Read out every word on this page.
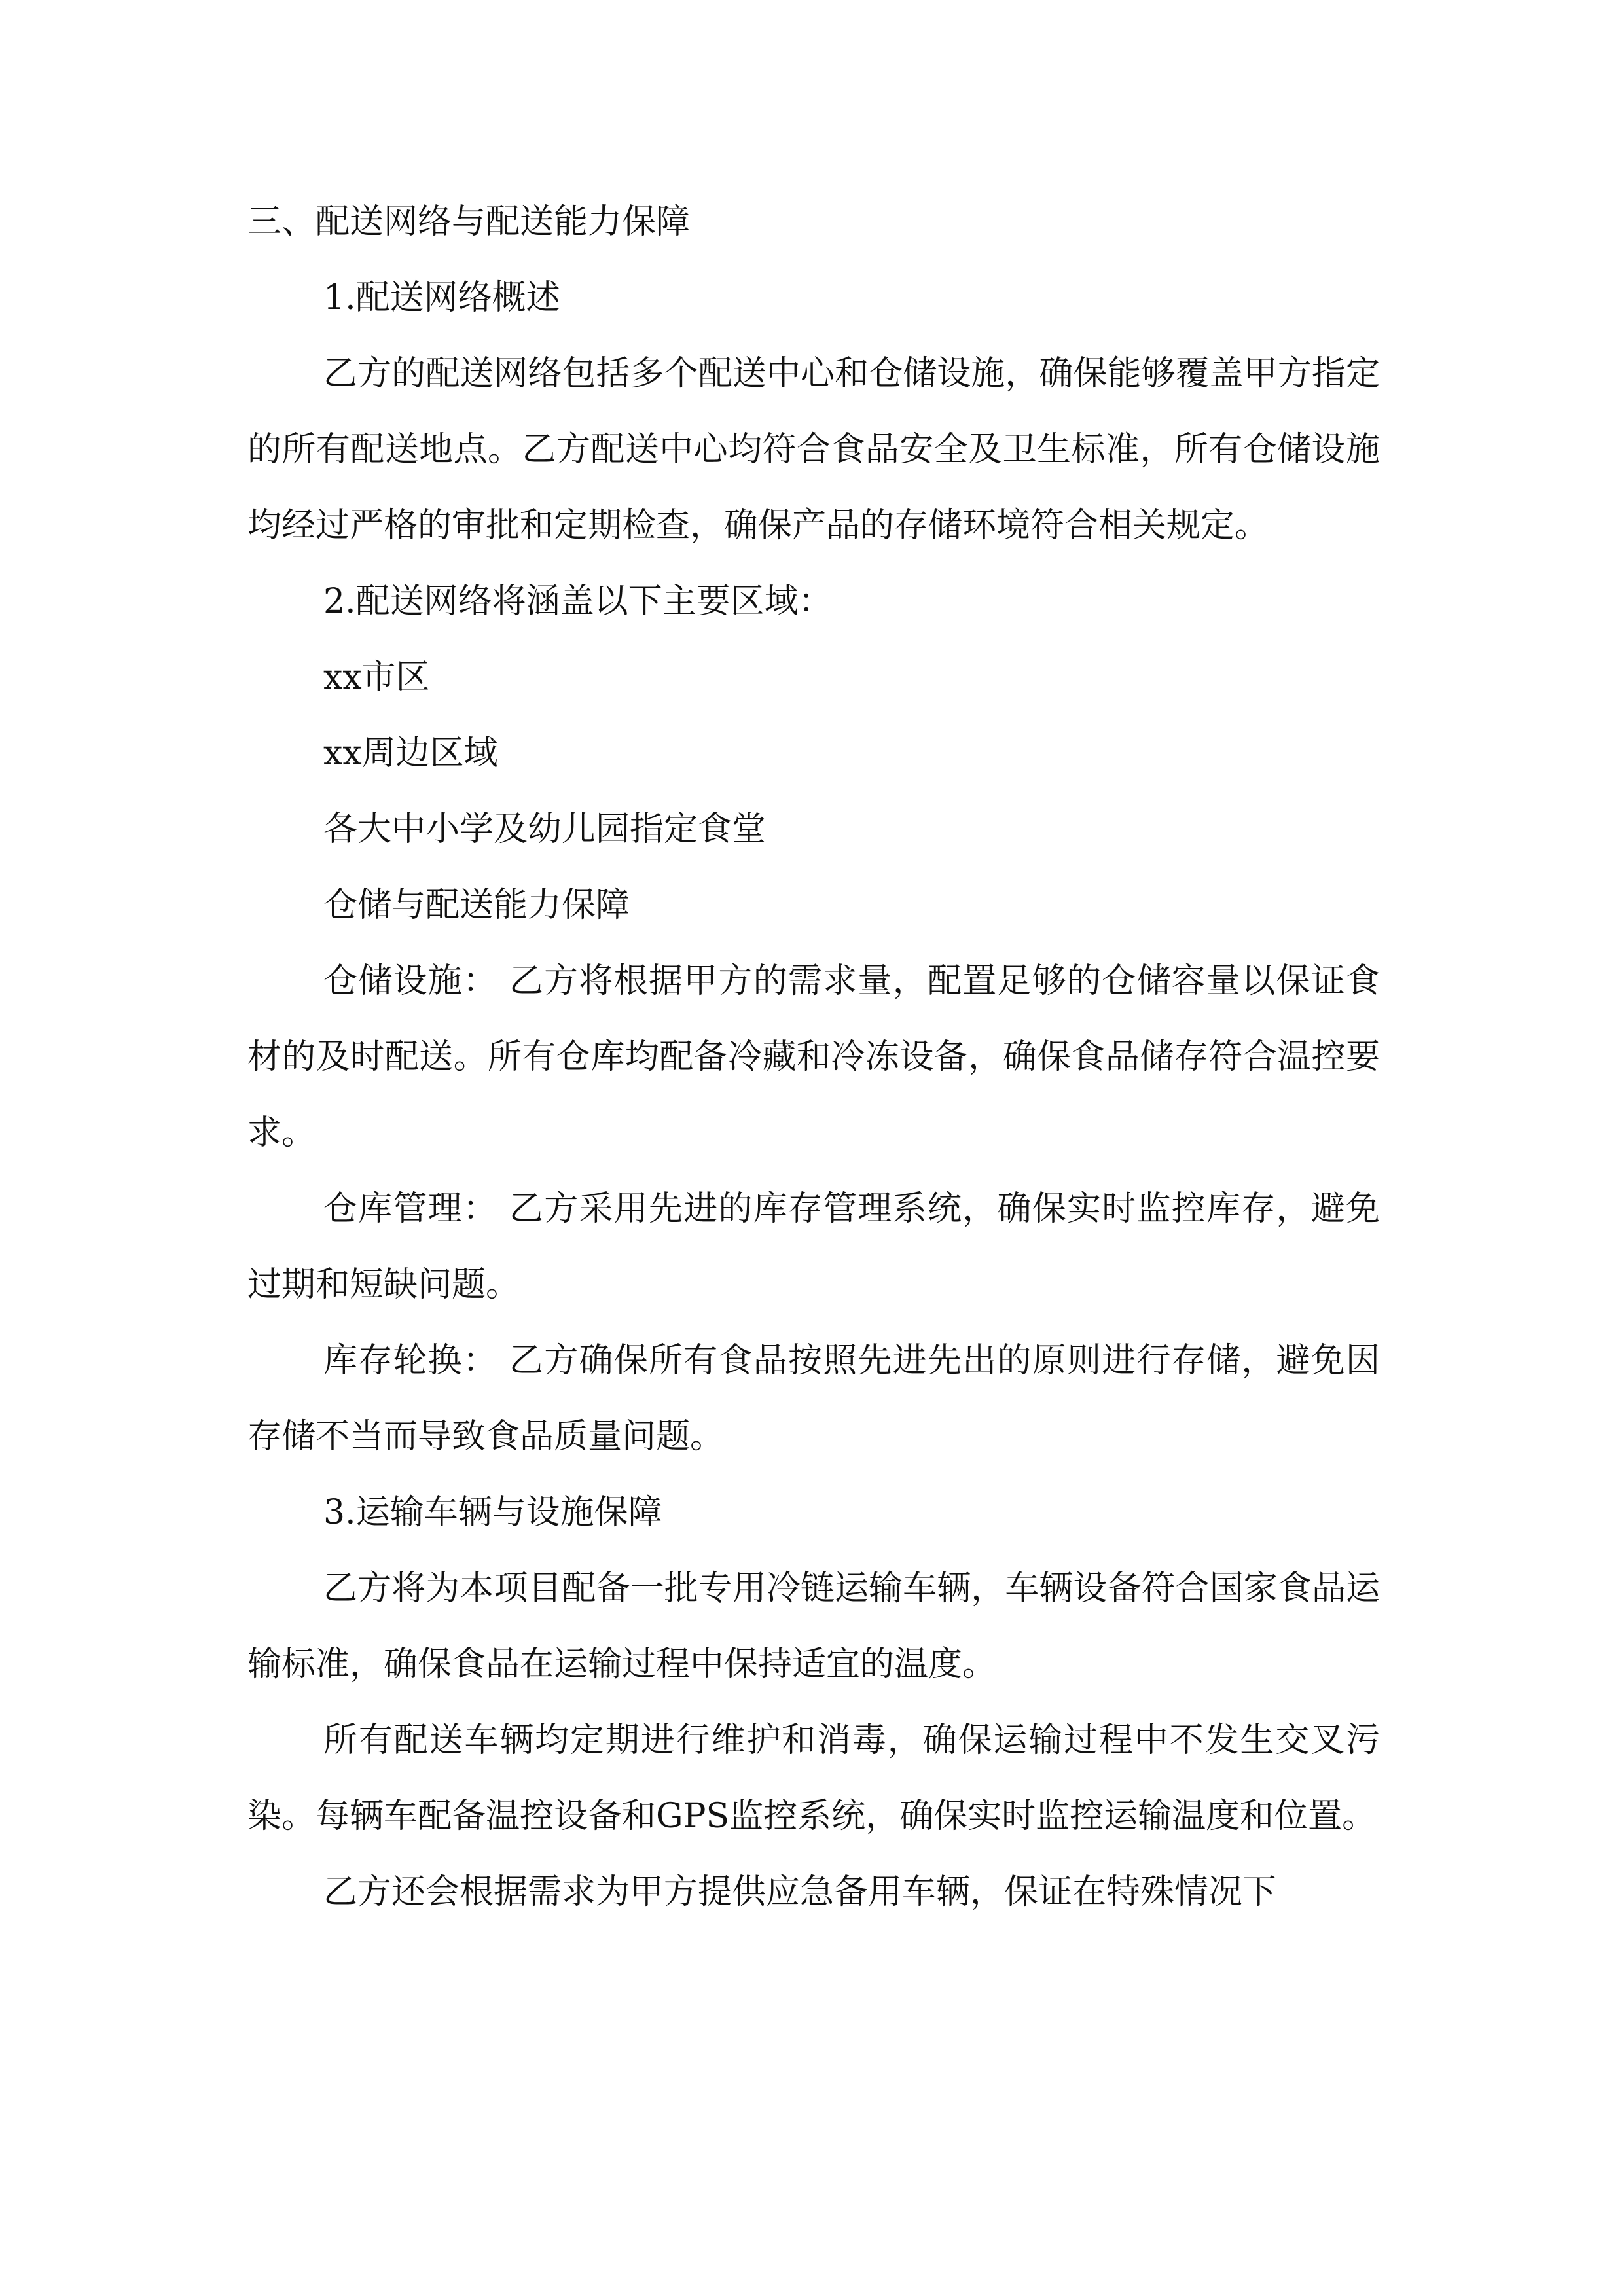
三、配送网络与配送能力保障

1.配送网络概述

乙方的配送网络包括多个配送中心和仓储设施，确保能够覆盖甲方指定的所有配送地点。乙方配送中心均符合食品安全及卫生标准，所有仓储设施均经过严格的审批和定期检查，确保产品的存储环境符合相关规定。

2.配送网络将涵盖以下主要区域：

xx市区

xx周边区域

各大中小学及幼儿园指定食堂

仓储与配送能力保障

仓储设施： 乙方将根据甲方的需求量，配置足够的仓储容量以保证食材的及时配送。所有仓库均配备冷藏和冷冻设备，确保食品储存符合温控要求。

仓库管理： 乙方采用先进的库存管理系统，确保实时监控库存，避免过期和短缺问题。

库存轮换： 乙方确保所有食品按照先进先出的原则进行存储，避免因存储不当而导致食品质量问题。

3.运输车辆与设施保障

乙方将为本项目配备一批专用冷链运输车辆，车辆设备符合国家食品运输标准，确保食品在运输过程中保持适宜的温度。

所有配送车辆均定期进行维护和消毒，确保运输过程中不发生交叉污染。每辆车配备温控设备和GPS监控系统，确保实时监控运输温度和位置。

乙方还会根据需求为甲方提供应急备用车辆，保证在特殊情况下
